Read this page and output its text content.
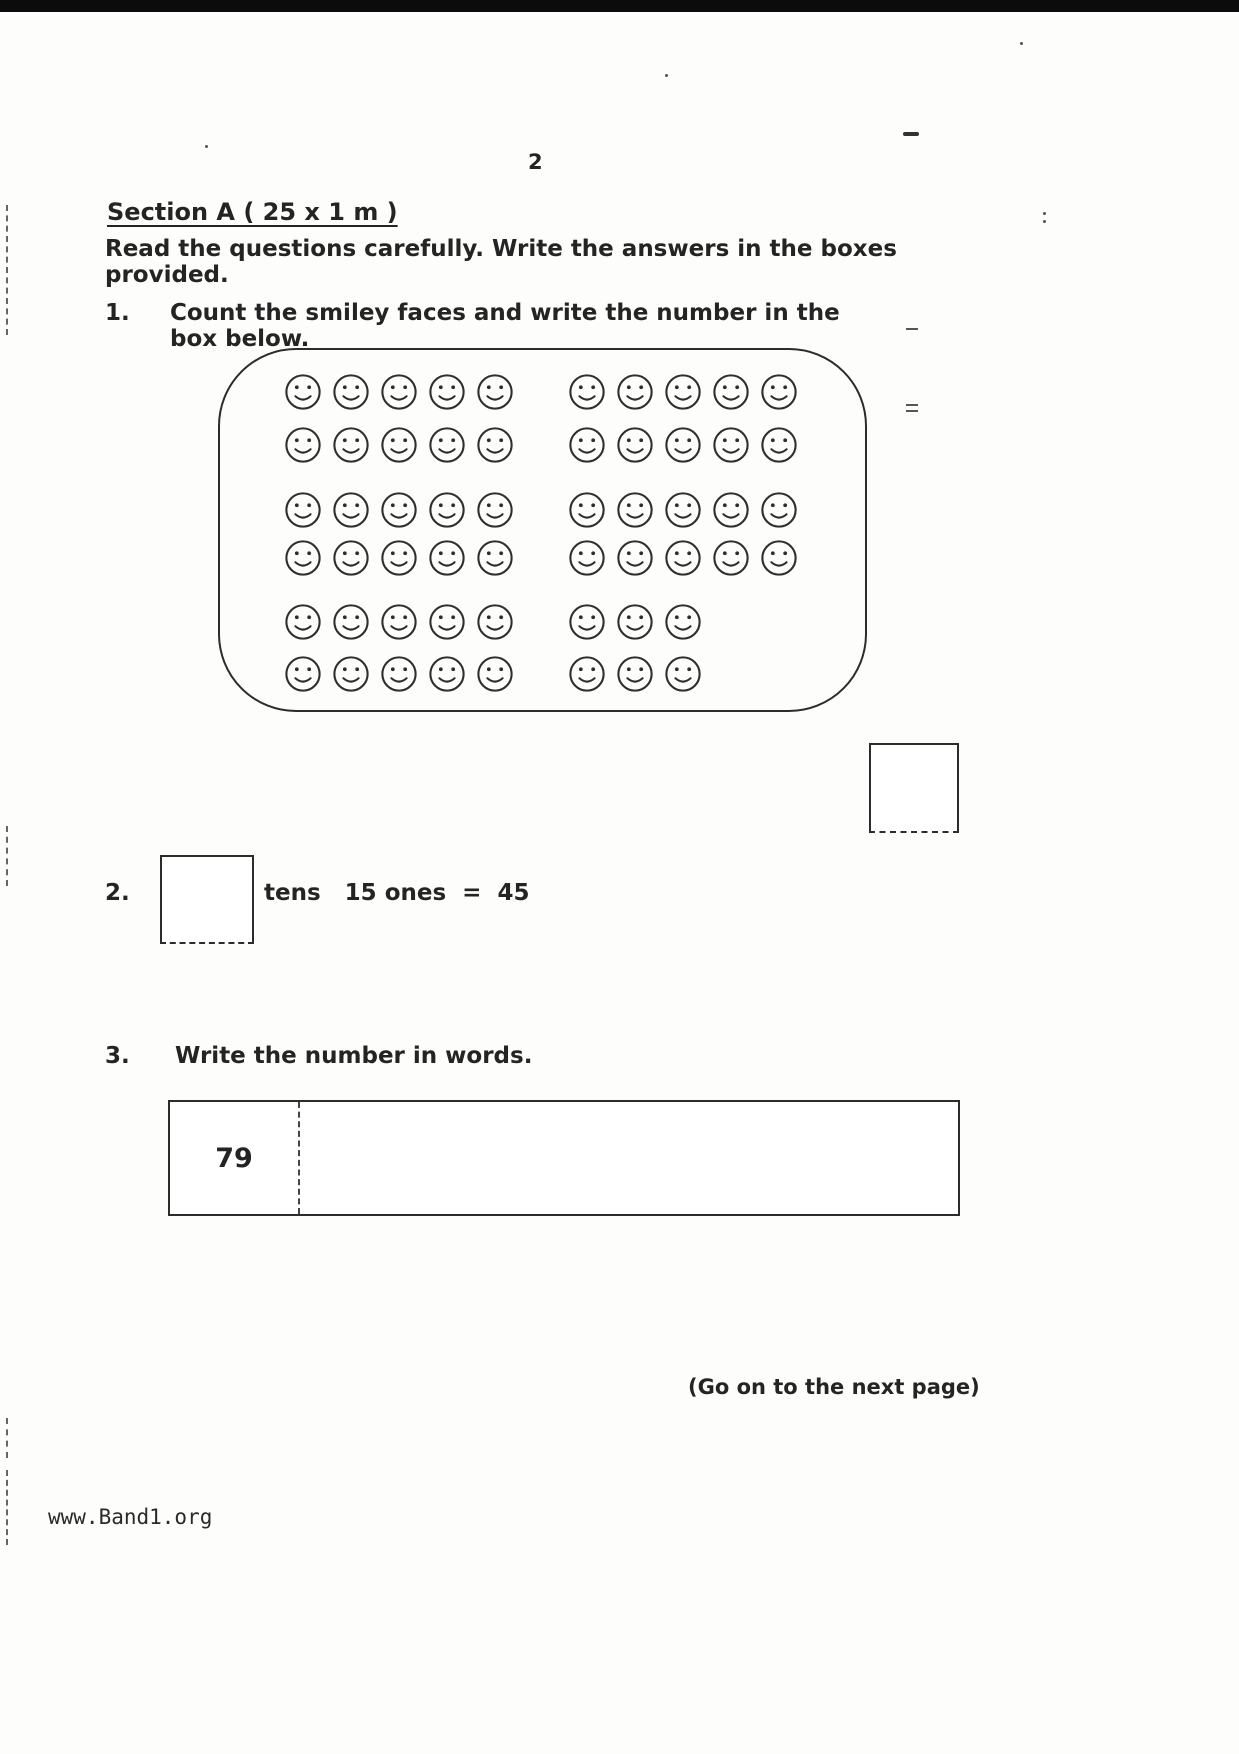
2
Section A ( 25 x 1 m )
Read the questions carefully. Write the answers in the boxes provided.
1. Count the smiley faces and write the number in the box below.
2.	tens   15 ones  =  45
3. Write the number in words.
79
(Go on to the next page)
www.Band1.org
